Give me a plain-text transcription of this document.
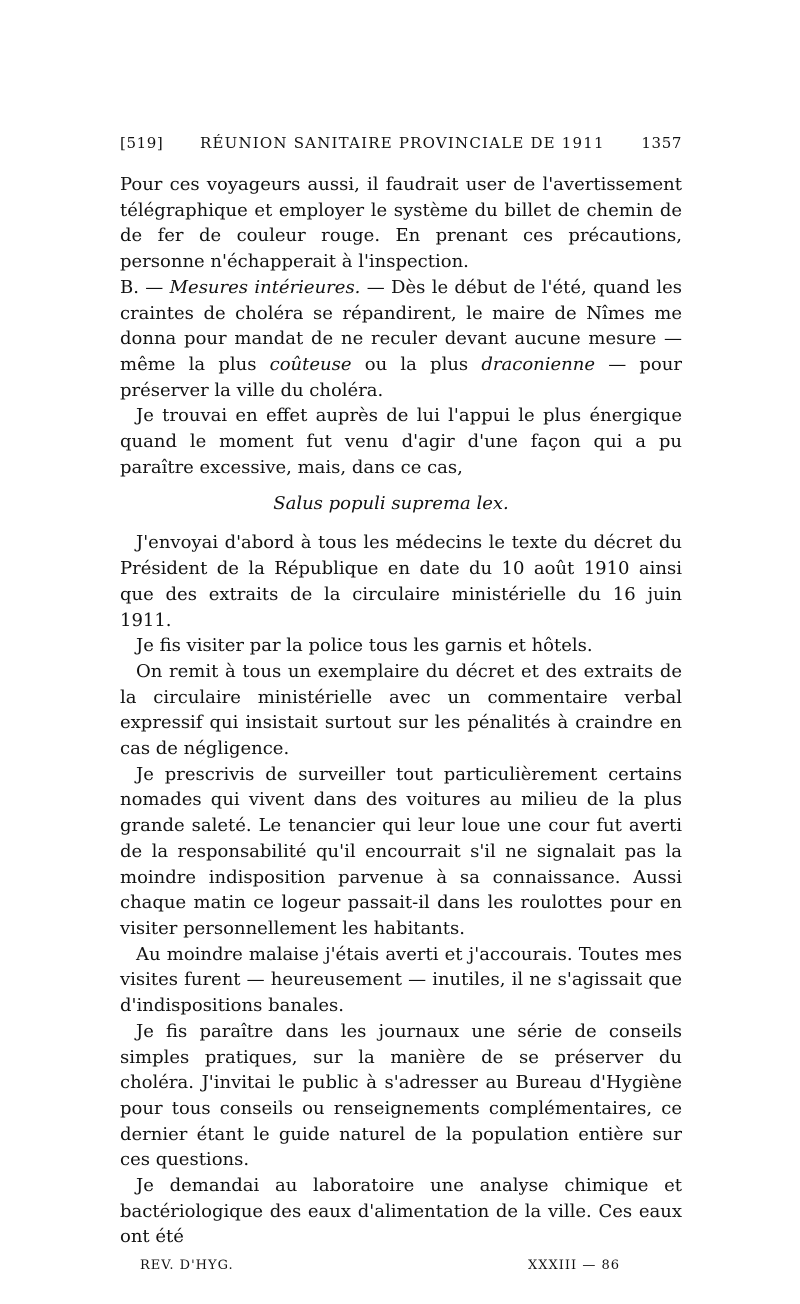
[519] RÉUNION SANITAIRE PROVINCIALE DE 1911 1357

Pour ces voyageurs aussi, il faudrait user de l'avertissement télégraphique et employer le système du billet de chemin de de fer de couleur rouge. En prenant ces précautions, personne n'échapperait à l'inspection.

B. — Mesures intérieures. — Dès le début de l'été, quand les craintes de choléra se répandirent, le maire de Nîmes me donna pour mandat de ne reculer devant aucune mesure — même la plus coûteuse ou la plus draconienne — pour préserver la ville du choléra.

Je trouvai en effet auprès de lui l'appui le plus énergique quand le moment fut venu d'agir d'une façon qui a pu paraître excessive, mais, dans ce cas,

Salus populi suprema lex.

J'envoyai d'abord à tous les médecins le texte du décret du Président de la République en date du 10 août 1910 ainsi que des extraits de la circulaire ministérielle du 16 juin 1911.

Je fis visiter par la police tous les garnis et hôtels.

On remit à tous un exemplaire du décret et des extraits de la circulaire ministérielle avec un commentaire verbal expressif qui insistait surtout sur les pénalités à craindre en cas de négligence.

Je prescrivis de surveiller tout particulièrement certains nomades qui vivent dans des voitures au milieu de la plus grande saleté. Le tenancier qui leur loue une cour fut averti de la responsabilité qu'il encourrait s'il ne signalait pas la moindre indisposition parvenue à sa connaissance. Aussi chaque matin ce logeur passait-il dans les roulottes pour en visiter personnellement les habitants.

Au moindre malaise j'étais averti et j'accourais. Toutes mes visites furent — heureusement — inutiles, il ne s'agissait que d'indispositions banales.

Je fis paraître dans les journaux une série de conseils simples pratiques, sur la manière de se préserver du choléra. J'invitai le public à s'adresser au Bureau d'Hygiène pour tous conseils ou renseignements complémentaires, ce dernier étant le guide naturel de la population entière sur ces questions.

Je demandai au laboratoire une analyse chimique et bactériologique des eaux d'alimentation de la ville. Ces eaux ont été

REV. D'HYG.	XXXIII — 86
